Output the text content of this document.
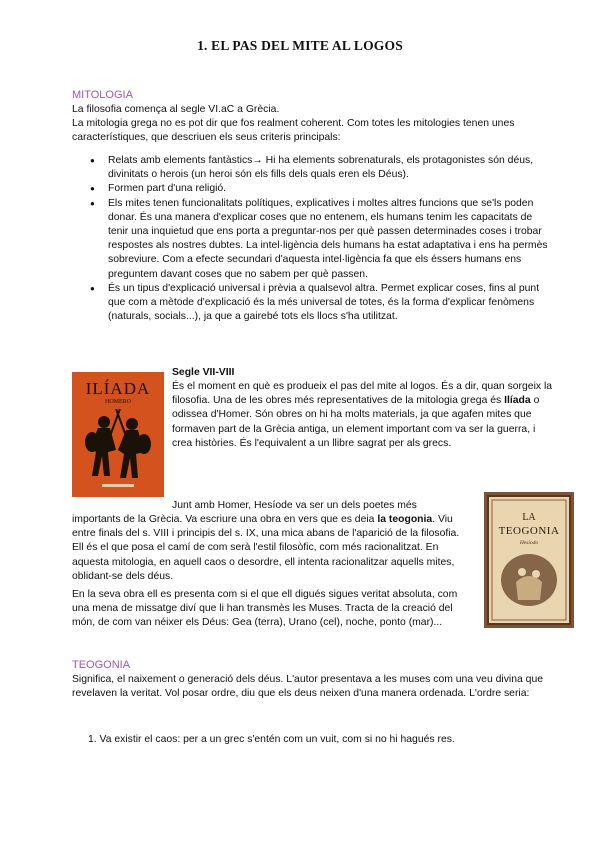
1. EL PAS DEL MITE AL LOGOS

MITOLOGIA

La filosofia comença al segle VI.aC a Grècia.

La mitologia grega no es pot dir que fos realment coherent. Com totes les mitologies tenen unes característiques, que descriuen els seus criteris principals:

● Relats amb elements fantàstics→ Hi ha elements sobrenaturals, els protagonistes són déus, divinitats o herois (un heroi són els fills dels quals eren els Déus).
● Formen part d'una religió.
● Els mites tenen funcionalitats polítiques, explicatives i moltes altres funcions que se'ls poden donar. És una manera d'explicar coses que no entenem, els humans tenim les capacitats de tenir una inquietud que ens porta a preguntar-nos per què passen determinades coses i trobar respostes als nostres dubtes. La intel·ligència dels humans ha estat adaptativa i ens ha permès sobreviure. Com a efecte secundari d'aquesta intel·ligència fa que els éssers humans ens preguntem davant coses que no sabem per què passen.
● És un tipus d'explicació universal i prèvia a qualsevol altra. Permet explicar coses, fins al punt que com a mètode d'explicació és la més universal de totes, és la forma d'explicar fenòmens (naturals, socials...), ja que a gairebé tots els llocs s'ha utilitzat.
ILÍADA
HOMERO

Segle VII-VIII

És el moment en què es produeix el pas del mite al logos. És a dir, quan sorgeix la filosofia. Una de les obres més representatives de la mitologia grega és Ilíada o odissea d'Homer. Són obres on hi ha molts materials, ja que agafen mites que formaven part de la Grècia antiga, un element important com va ser la guerra, i crea històries. És l'equivalent a un llibre sagrat per als grecs.

Junt amb Homer, Hesíode va ser un dels poetes més

importants de la Grècia. Va escriure una obra en vers que es deia la teogonia. Viu entre finals del s. VIII i principis del s. IX, una mica abans de l'aparició de la filosofia. Ell és el que posa el camí de com serà l'estil filosòfic, com més racionalitzat. En aquesta mitologia, en aquell caos o desordre, ell intenta racionalitzar aquells mites, oblidant-se dels déus.

En la seva obra ell es presenta com si el que ell digués sigues veritat absoluta, com una mena de missatge diví que li han transmès les Muses. Tracta de la creació del món, de com van néixer els Déus: Gea (terra), Urano (cel), noche, ponto (mar)...

LA
TEOGONIA
Hesíodo

TEOGONIA

Significa, el naixement o generació dels déus. L'autor presentava a les muses com una veu divina que revelaven la veritat. Vol posar ordre, diu que els deus neixen d'una manera ordenada. L'ordre seria:

1. Va existir el caos: per a un grec s'entén com un vuit, com si no hi hagués res.
